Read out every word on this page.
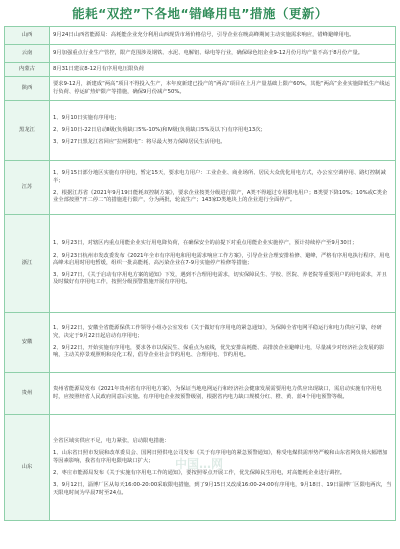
能耗“双控”下各地“错峰用电”措施（更新）
山西	9月24日山西省能源局：高耗能企业充分利用山西现货市场价格信号，引导企业在晚高峰期间主动实施需求响应，错峰避峰用电。

云南	9月加强重点行业生产管控，限产范围涉及钢铁、水泥、电解铝、绿电等行业，确保绿色铝企业9-12月份月均产量不高于8月份产量。

内蒙古	8月31日建议8-12月有序用电压限负荷

陕西	要求9-12月，新建成“两高”项目不得投入生产，本年度新建已投产的“两高”项目在上月产量基础上限产60%，其他“两高”企业实施降低生产线运行负荷、停运矿热炉限产等措施，确保9月份减产50%。

黑龙江	1、9月10日实施有序用电；

2、9月10日-22日启动Ⅱ级(负荷缺口5%-10%)和Ⅳ级(负荷缺口5%及以下)有序用电13次；

3、9月27日黑龙江省回应“拉闸限电”：将尽最大努力保障居民生活用电。

江苏	1、9月15日部分地区实施有序用电，暂定15天，要求电力用户：工业企业、商业场所、居民大众优化用电方式，办公室空调停用、路灯控制减半；

2、根据江苏省《2021年9月19日能耗双控制方案》，要求企业按类分级进行限产，A类不得超过专用限电用户；B类要下降10%；10%或C类企业全部按照“开二停二”的措施进行限产，分为两批，轮流生产；143家D类地块上的企业进行全面停产。

浙江	1、9月23日，对辖区内重点用能企业实行用电降负荷，在确保安全的前提下对重点用能企业实施停产，预计持续停产至9月30日；

2、9月23日杭州市发改委发布《2021年全市有序用电和用电需求响应工作方案》，引导企业合理安排检修、避峰，严格有序用电执行程序，用电高峰未启用时用电暂缓，组织一批高能耗、高污染企业在7-9月实施停产检修等措施；

3、9月27日，《关于启动有序用电方案的通知》下发，遇到不合理用电需求，切实保障民生、学校、医院、养老院等重要用户的用电需求，并且及时做好有序用电工作，按照分级预警措施开展有序用电。

安徽	1、9月22日，安徽全省能源保供工作领导小组办公室发布《关于做好有序用电的紧急通知》，为保障全省电网平稳运行和电力供应可靠，经研究，决定于9月22日起启动有序用电；

2、9月22日，开始实施有序用电，要求各市以保民生、保重点为底线，优先安排高耗能、高排放企业避峰让电，尽量减少对经济社会发展的影响，主动关停景观照明和亮化工程，倡导企业社会节约用电、合理用电、节约用电。

贵州	贵州省能源局发布《2021年贵州省有序用电方案》，为保证当地电网运行和经济社会健康发展需要用电力供应出现缺口，需启动实施有序用电时，应按照经省人民政府同意后实施。有序用电企业按预警级别，根据省内电力缺口规模分红、橙、黄、蓝4个用电预警等级。

山东	全省区域实供应不足，电力紧张，启动限电措施：

1、山东省日照市发展和改革委员会、国网日照供电公司发布《关于有序用电的紧急预警通知》，称受电煤供需形势严峻和山东省网负荷大幅增加等因素影响，我省有序用电限电缺口扩大；

2、枣庄市能源局发布《关于实施有序用电工作的通知》，要按照零点开展工作，优先保障民生用电，对高能耗企业进行调控。

3、9月12日，淄博厂区从每天16:00-20:00采取限电措施，到了9月15日又改成16:00-24:00有序用电，9月18日、19日淄博厂区限电两次，当天限电时间为早晨7时至24点。

中国…网
